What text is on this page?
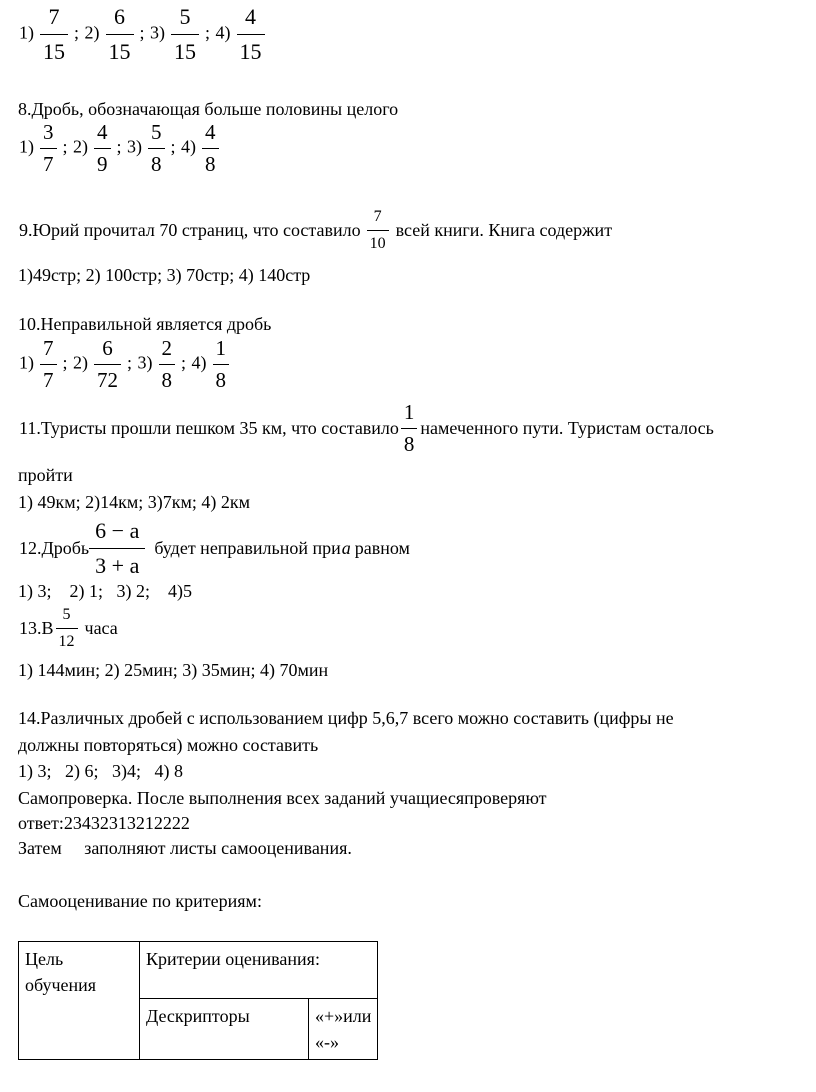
$1) \frac{7}{15}$ ; $2) \frac{6}{15}$ ; $3) \frac{5}{15}$ ; $4) \frac{4}{15}$
8.Дробь, обозначающая больше половины целого
$1) \frac{3}{7}$ ; $2) \frac{4}{9}$ ; $3) \frac{5}{8}$ ; $4) \frac{4}{8}$
9.Юрий прочитал 70 страниц, что составило $\frac{7}{10}$ всей книги. Книга содержит
1)49стр; 2) 100стр; 3) 70стр; 4) 140стр
10.Неправильной является дробь
$1) \frac{7}{7}$ ; $2) \frac{6}{72}$ ; $3) \frac{2}{8}$ ; $4) \frac{1}{8}$
11.Туристы прошли пешком 35 км, что составило $\frac{1}{8}$ намеченного пути. Туристам осталось
пройти
1) 49км; 2)14км; 3)7км; 4) 2км
12.Дробь $\frac{6 - a}{3 + a}$ будет неправильной приa равном
1) 3;    2) 1;   3) 2;    4)5
$13.В \frac{5}{12}$ часа
1) 144мин; 2) 25мин; 3) 35мин; 4) 70мин
14.Различных дробей с использованием цифр 5,6,7 всего можно составить (цифры не
должны повторяться) можно составить
1) 3;   2) 6;   3)4;   4) 8
Самопроверка. После выполнения всех заданий учащиесяпроверяют
ответ:23432313212222
Затем     заполняют листы самооценивания.
Самооценивание по критериям:
Цель обучения	Критерии оценивания:	
	Дескрипторы	«+»или «-»
